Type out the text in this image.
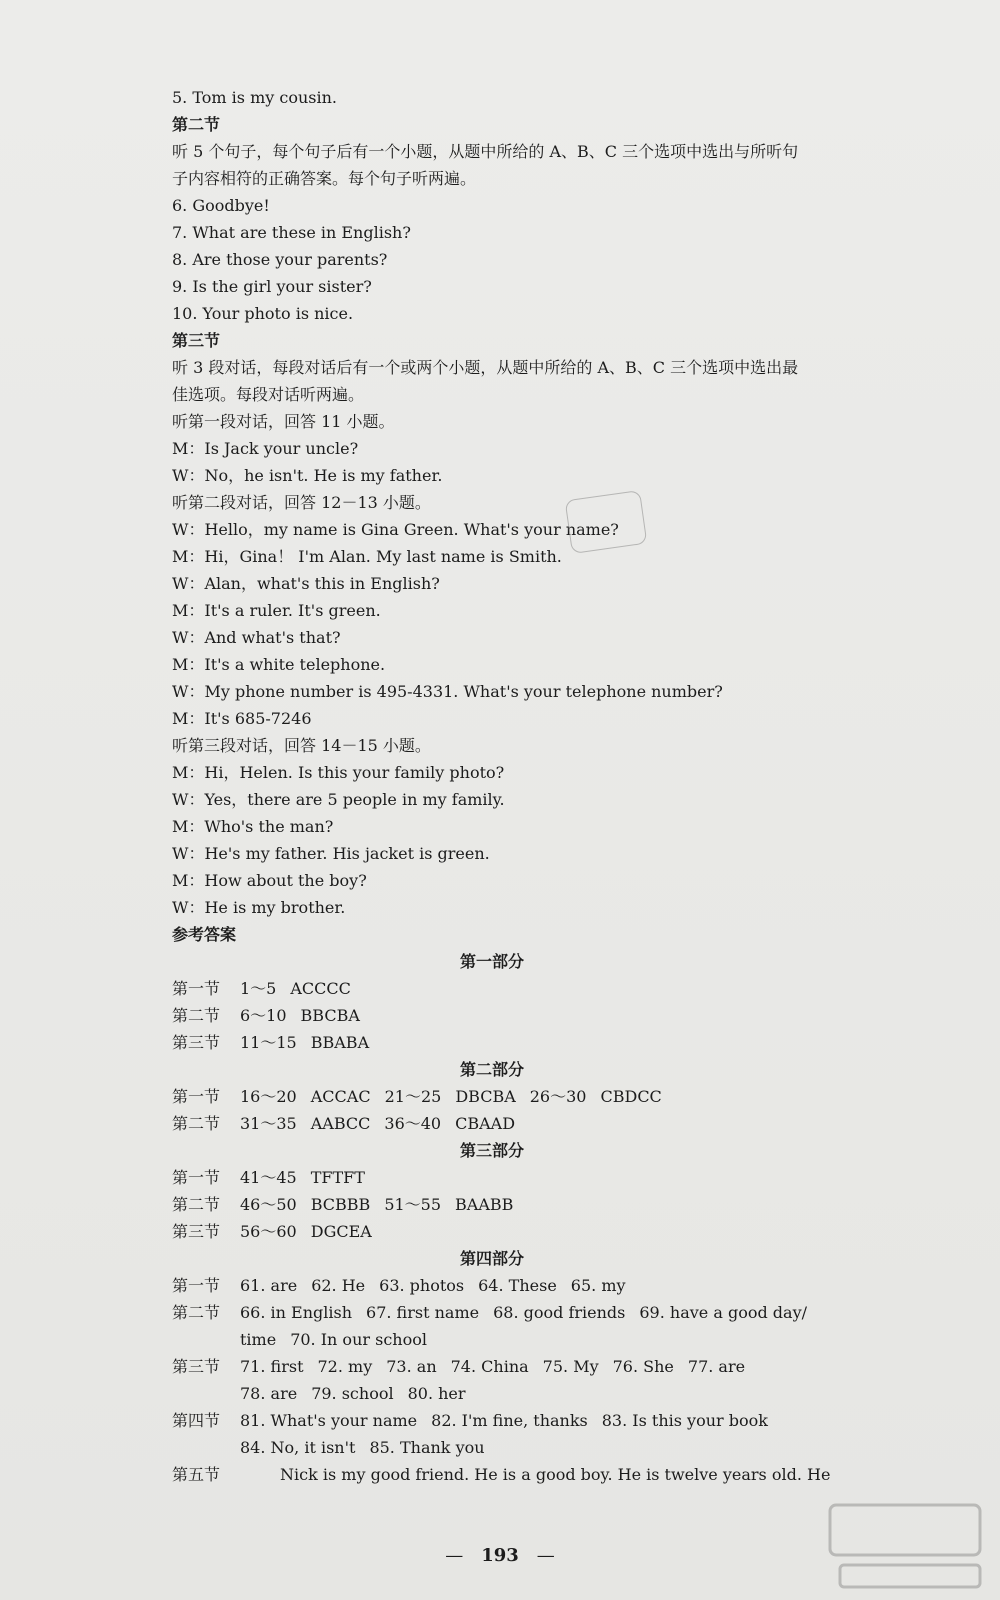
5. Tom is my cousin.
第二节
听 5 个句子，每个句子后有一个小题，从题中所给的 A、B、C 三个选项中选出与所听句子内容相符的正确答案。每个句子听两遍。
6. Goodbye!
7. What are these in English?
8. Are those your parents?
9. Is the girl your sister?
10. Your photo is nice.
第三节
听 3 段对话，每段对话后有一个或两个小题，从题中所给的 A、B、C 三个选项中选出最佳选项。每段对话听两遍。
听第一段对话，回答 11 小题。
M：Is Jack your uncle?
W：No，he isn't. He is my father.
听第二段对话，回答 12－13 小题。
W：Hello，my name is Gina Green. What's your name?
M：Hi，Gina！ I'm Alan. My last name is Smith.
W：Alan，what's this in English?
M：It's a ruler. It's green.
W：And what's that?
M：It's a white telephone.
W：My phone number is 495-4331. What's your telephone number?
M：It's 685-7246
听第三段对话，回答 14－15 小题。
M：Hi，Helen. Is this your family photo?
W：Yes，there are 5 people in my family.
M：Who's the man?
W：He's my father. His jacket is green.
M：How about the boy?
W：He is my brother.
参考答案
第一部分
第一节	1～5 ACCCC
第二节	6～10 BBCBA
第三节	11～15 BBABA
第二部分
第一节	16～20 ACCAC 21～25 DBCBA 26～30 CBDCC
第二节	31～35 AABCC 36～40 CBAAD
第三部分
第一节	41～45 TFTFT
第二节	46～50 BCBBB 51～55 BAABB
第三节	56～60 DGCEA
第四部分
第一节	61. are 62. He 63. photos 64. These 65. my
第二节	66. in English 67. first name 68. good friends 69. have a good day/
time 70. In our school
第三节	71. first 72. my 73. an 74. China 75. My 76. She 77. are
78. are 79. school 80. her
第四节	81. What's your name 82. I'm fine, thanks 83. Is this your book
84. No, it isn't 85. Thank you
第五节	Nick is my good friend. He is a good boy. He is twelve years old. He
— 193 —
